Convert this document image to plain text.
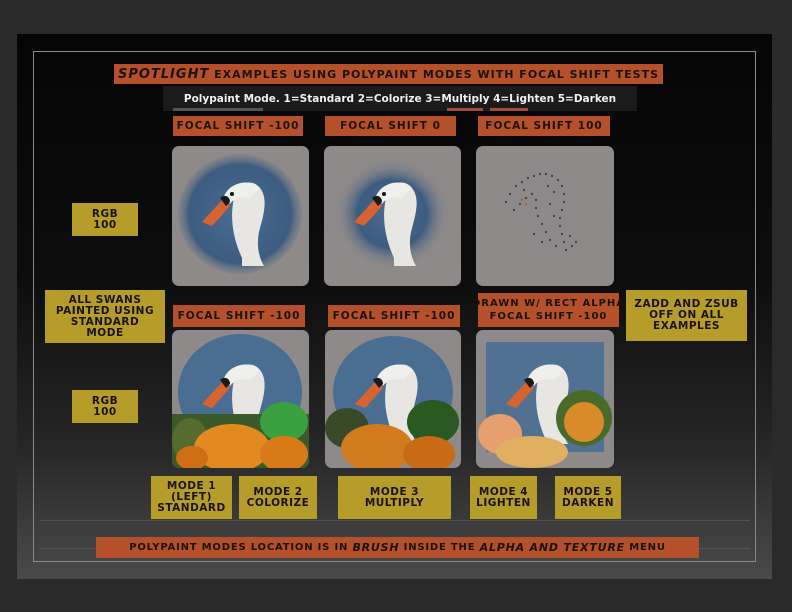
SPOTLIGHT
EXAMPLES USING POLYPAINT MODES WITH FOCAL SHIFT TESTS
Polypaint Mode. 1=Standard 2=Colorize 3=Multiply 4=Lighten 5=Darken
FOCAL SHIFT -100	FOCAL SHIFT 0	FOCAL SHIFT 100
FOCAL SHIFT -100	FOCAL SHIFT -100
DRAWN W/ RECT ALPHA
FOCAL SHIFT -100
RGB
100
ALL SWANS
PAINTED USING
STANDARD
MODE
RGB
100
ZADD AND ZSUB
OFF ON ALL
EXAMPLES
MODE 1
(LEFT)
STANDARD
MODE 2
COLORIZE
MODE 3
MULTIPLY
MODE 4
LIGHTEN
MODE 5
DARKEN
POLYPAINT MODES LOCATION IS IN
BRUSH
INSIDE THE
ALPHA AND TEXTURE
MENU
